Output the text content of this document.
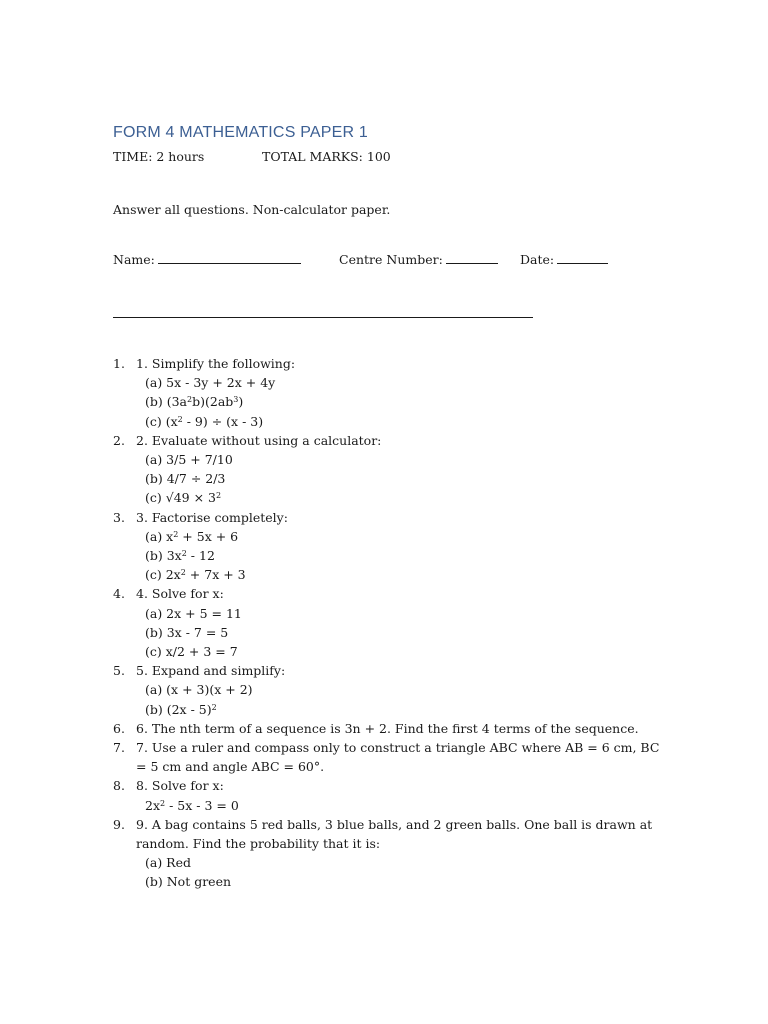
FORM 4 MATHEMATICS PAPER 1
TIME: 2 hours	TOTAL MARKS: 100
Answer all questions. Non-calculator paper.
Name:	Centre Number:	Date:
1. 1. Simplify the following:
(a) 5x - 3y + 2x + 4y
(b) $(3a^2b)(2ab^3)$
(c) $(x^2 - 9) \div (x - 3)$
2. 2. Evaluate without using a calculator:
(a) 3/5 + 7/10
(b) 4/7 ÷ 2/3
(c) $√49 \times 3^2$
3. 3. Factorise completely:
(a) $x^2 + 5x + 6$
(b) $3x^2 - 12$
(c) $2x^2 + 7x + 3$
4. 4. Solve for x:
(a) 2x + 5 = 11
(b) 3x - 7 = 5
(c) x/2 + 3 = 7
5. 5. Expand and simplify:
(a) (x + 3)(x + 2)
(b) (2x - 5)$^2$
6. 6. The nth term of a sequence is 3n + 2. Find the first 4 terms of the sequence.
7. 7. Use a ruler and compass only to construct a triangle ABC where AB = 6 cm, BC = 5 cm and angle ABC = 60°.
8. 8. Solve for x:
$2x^2 - 5x - 3 = 0$
9. 9. A bag contains 5 red balls, 3 blue balls, and 2 green balls. One ball is drawn at random. Find the probability that it is:
(a) Red
(b) Not green
